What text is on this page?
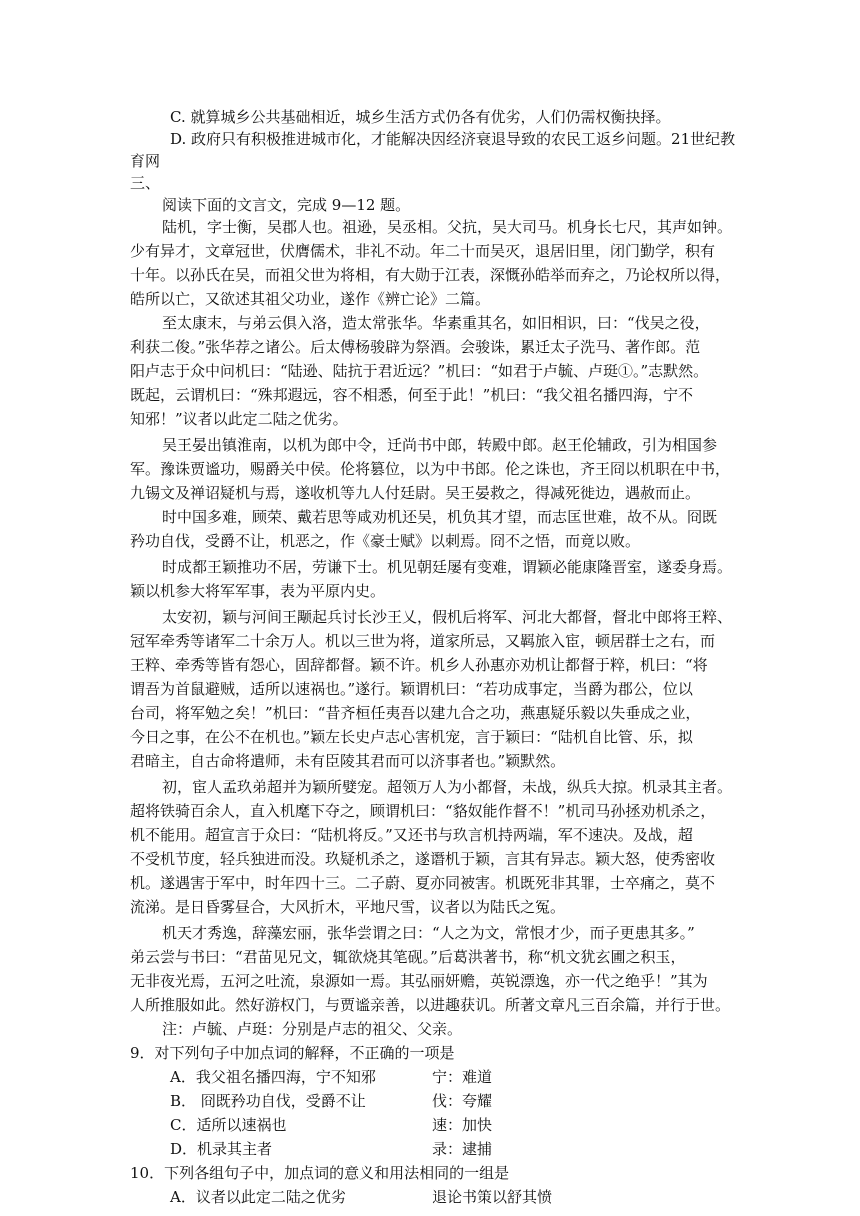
C. 就算城乡公共基础相近，城乡生活方式仍各有优劣，人们仍需权衡抉择。
D. 政府只有积极推进城市化，才能解决因经济衰退导致的农民工返乡问题。21世纪教
育网
三、
阅读下面的文言文，完成 9—12 题。
陆机，字士衡，吴郡人也。祖逊，吴丞相。父抗，吴大司马。机身长七尺，其声如钟。
少有异才，文章冠世，伏膺儒术，非礼不动。年二十而吴灭，退居旧里，闭门勤学，积有
十年。以孙氏在吴，而祖父世为将相，有大勋于江表，深慨孙皓举而弃之，乃论权所以得，
皓所以亡，又欲述其祖父功业，遂作《辨亡论》二篇。
至太康末，与弟云俱入洛，造太常张华。华素重其名，如旧相识，曰：“伐吴之役，
利获二俊。”张华荐之诸公。后太傅杨骏辟为祭酒。会骏诛，累迁太子洗马、著作郎。范
阳卢志于众中问机曰：“陆逊、陆抗于君近远？”机曰：“如君于卢毓、卢珽①。”志默然。
既起，云谓机曰：“殊邦遐远，容不相悉，何至于此！”机曰：“我父祖名播四海，宁不
知邪！”议者以此定二陆之优劣。
吴王晏出镇淮南，以机为郎中令，迁尚书中郎，转殿中郎。赵王伦辅政，引为相国参
军。豫诛贾谧功，赐爵关中侯。伦将篡位，以为中书郎。伦之诛也，齐王冏以机职在中书，
九锡文及禅诏疑机与焉，遂收机等九人付廷尉。吴王晏救之，得减死徙边，遇赦而止。
时中国多难，顾荣、戴若思等咸劝机还吴，机负其才望，而志匡世难，故不从。冏既
矜功自伐，受爵不让，机恶之，作《豪士赋》以刺焉。冏不之悟，而竟以败。
时成都王颖推功不居，劳谦下士。机见朝廷屡有变难，谓颖必能康隆晋室，遂委身焉。
颖以机参大将军军事，表为平原内史。
太安初，颖与河间王颙起兵讨长沙王乂，假机后将军、河北大都督，督北中郎将王粹、
冠军牵秀等诸军二十余万人。机以三世为将，道家所忌，又羁旅入宦，顿居群士之右，而
王粹、牵秀等皆有怨心，固辞都督。颖不许。机乡人孙惠亦劝机让都督于粹，机曰：“将
谓吾为首鼠避贼，适所以速祸也。”遂行。颖谓机曰：“若功成事定，当爵为郡公，位以
台司，将军勉之矣！”机曰：“昔齐桓任夷吾以建九合之功，燕惠疑乐毅以失垂成之业，
今日之事，在公不在机也。”颖左长史卢志心害机宠，言于颖曰：“陆机自比管、乐，拟
君暗主，自古命将遣师，未有臣陵其君而可以济事者也。”颖默然。
初，宦人孟玖弟超并为颖所嬖宠。超领万人为小都督，未战，纵兵大掠。机录其主者。
超将铁骑百余人，直入机麾下夺之，顾谓机曰：“貉奴能作督不！”机司马孙拯劝机杀之，
机不能用。超宣言于众曰：“陆机将反。”又还书与玖言机持两端，军不速决。及战，超
不受机节度，轻兵独进而没。玖疑机杀之，遂谮机于颖，言其有异志。颖大怒，使秀密收
机。遂遇害于军中，时年四十三。二子蔚、夏亦同被害。机既死非其罪，士卒痛之，莫不
流涕。是日昏雾昼合，大风折木，平地尺雪，议者以为陆氏之冤。
机天才秀逸，辞藻宏丽，张华尝谓之曰：“人之为文，常恨才少，而子更患其多。”
弟云尝与书曰：“君苗见兄文，辄欲烧其笔砚。”后葛洪著书，称“机文犹玄圃之积玉，
无非夜光焉，五河之吐流，泉源如一焉。其弘丽妍赡，英锐漂逸，亦一代之绝乎！”其为
人所推服如此。然好游权门，与贾谧亲善，以进趣获讥。所著文章凡三百余篇，并行于世。
注：卢毓、卢珽：分别是卢志的祖父、父亲。
9．对下列句子中加点词的解释，不正确的一项是
A．我父祖名播四海，宁不知邪	宁：难道
B． 冏既矜功自伐，受爵不让	伐：夸耀
C．适所以速祸也	速：加快
D．机录其主者	录：逮捕
10．下列各组句子中，加点词的意义和用法相同的一组是
A．议者以此定二陆之优劣	退论书策以舒其愤
